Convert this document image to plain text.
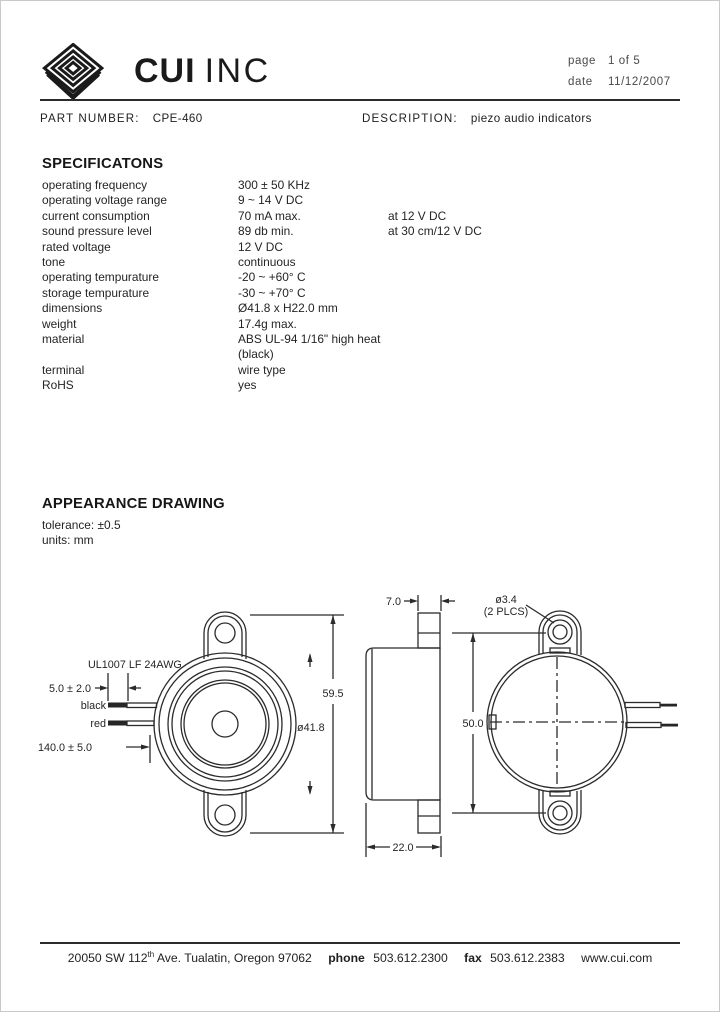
CUI INC	page	1 of 5
date	11/12/2007
PART NUMBER: CPE-460	DESCRIPTION: piezo audio indicators
SPECIFICATONS
operating frequency	300 ± 50 KHz
operating voltage range	9 ~ 14 V DC
current consumption	70 mA max.	at 12 V DC
sound pressure level	89 db min.	at 30 cm/12 V DC
rated voltage	12 V DC
tone	continuous
operating tempurature	-20 ~ +60° C
storage tempurature	-30 ~ +70° C
dimensions	Ø41.8 x H22.0 mm
weight	17.4g max.
material	ABS UL-94 1/16" high heat (black)
terminal	wire type
RoHS	yes
APPEARANCE DRAWING
tolerance: ±0.5
units: mm
UL1007 LF 24AWG
5.0 ± 2.0
black
red
140.0 ± 5.0
59.5
ø41.8
7.0
22.0
50.0
ø3.4
(2 PLCS)
20050 SW 112th Ave. Tualatin, Oregon 97062 phone 503.612.2300 fax 503.612.2383 www.cui.com
